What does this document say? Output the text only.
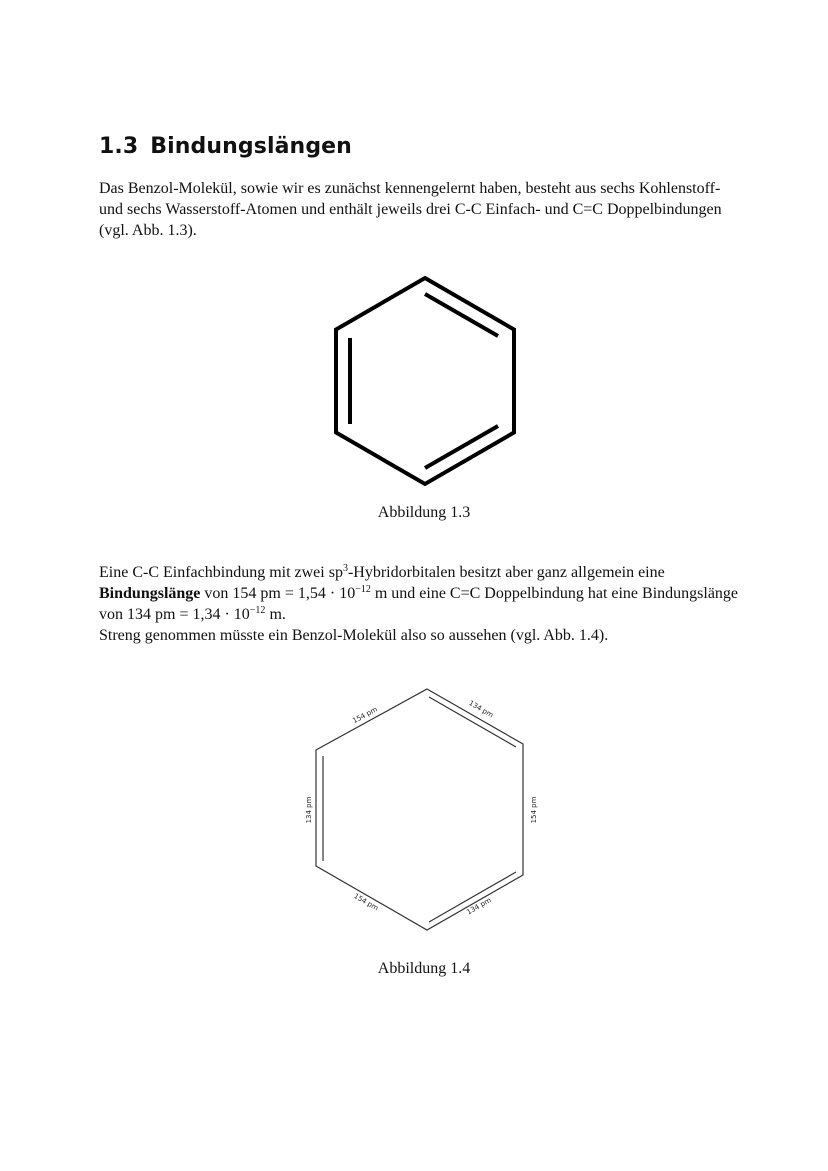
1.3 Bindungslängen

Das Benzol-Molekül, sowie wir es zunächst kennengelernt haben, besteht aus sechs Kohlenstoff- und sechs Wasserstoff-Atomen und enthält jeweils drei C-C Einfach- und C=C Doppelbindungen (vgl. Abb. 1.3).

Abbildung 1.3

Eine C-C Einfachbindung mit zwei $sp^3$-Hybridorbitalen besitzt aber ganz allgemein eine Bindungslänge von 154 pm = $1,54 \cdot 10^{-12}$ m und eine C=C Doppelbindung hat eine Bindungslänge von 134 pm = $1,34 \cdot 10^{-12}$ m.

Streng genommen müsste ein Benzol-Molekül also so aussehen (vgl. Abb. 1.4).

154 pm	134 pm
134 pm	154 pm
154 pm	134 pm
Abbildung 1.4
